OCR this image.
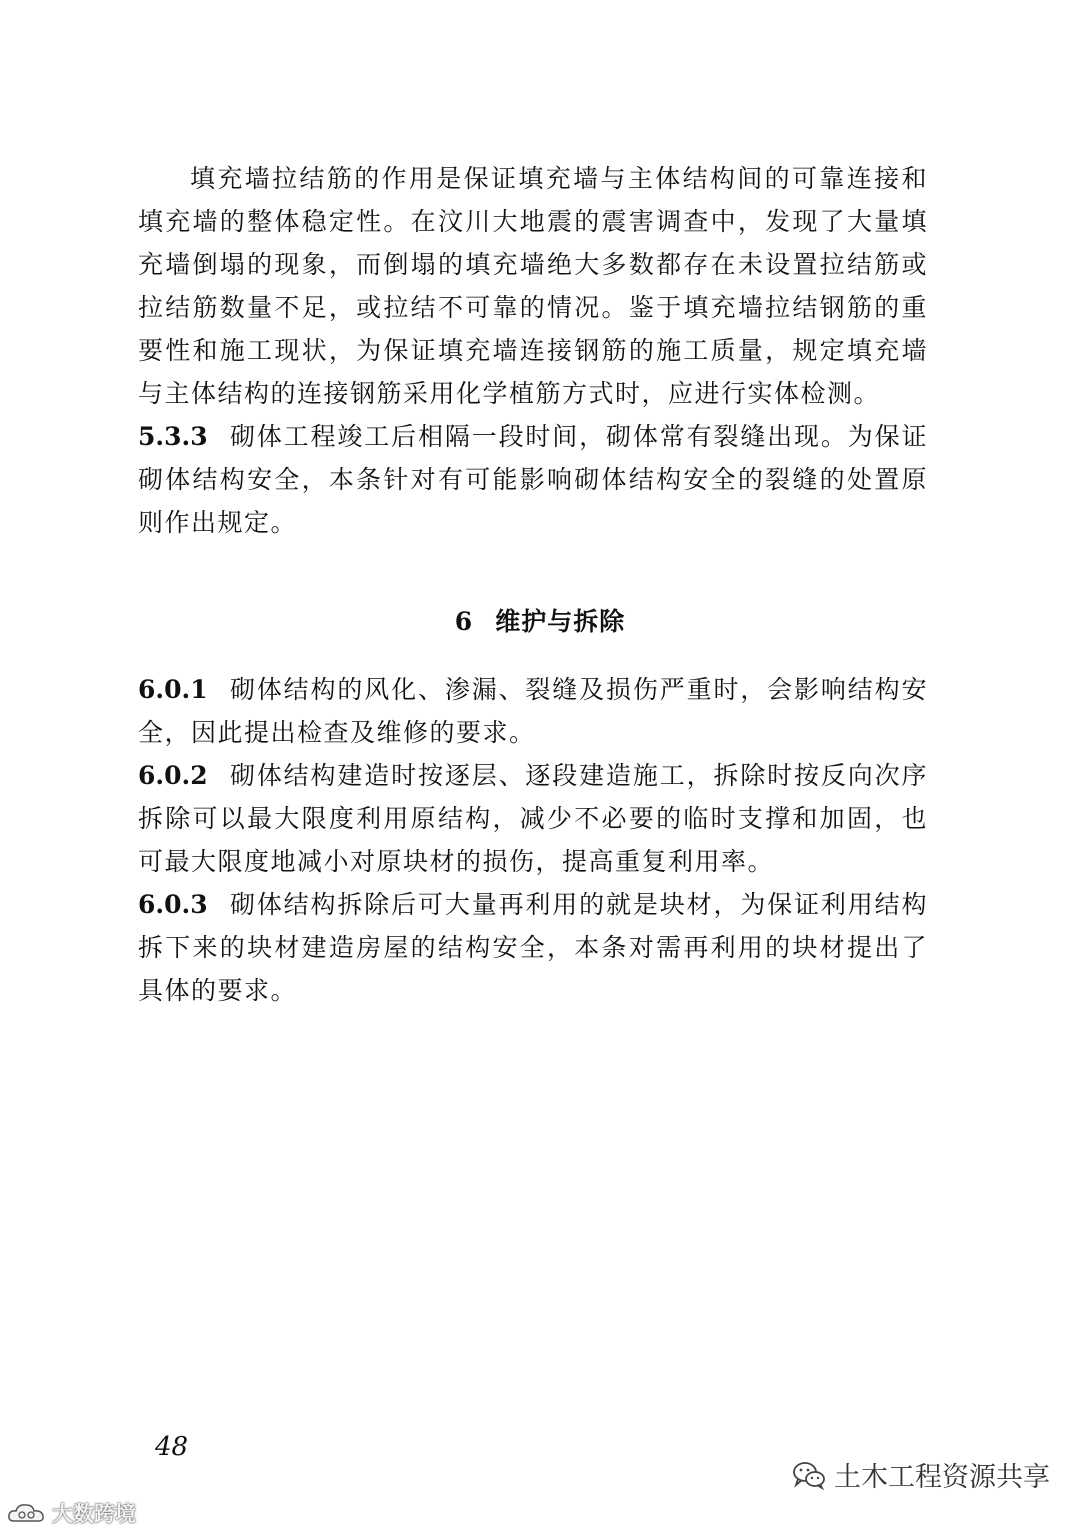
填充墙拉结筋的作用是保证填充墙与主体结构间的可靠连接和填充墙的整体稳定性。在汶川大地震的震害调查中，发现了大量填充墙倒塌的现象，而倒塌的填充墙绝大多数都存在未设置拉结筋或拉结筋数量不足，或拉结不可靠的情况。鉴于填充墙拉结钢筋的重要性和施工现状，为保证填充墙连接钢筋的施工质量，规定填充墙与主体结构的连接钢筋采用化学植筋方式时，应进行实体检测。

5.3.3 砌体工程竣工后相隔一段时间，砌体常有裂缝出现。为保证砌体结构安全，本条针对有可能影响砌体结构安全的裂缝的处置原则作出规定。

6 维护与拆除

6.0.1 砌体结构的风化、渗漏、裂缝及损伤严重时，会影响结构安全，因此提出检查及维修的要求。

6.0.2 砌体结构建造时按逐层、逐段建造施工，拆除时按反向次序拆除可以最大限度利用原结构，减少不必要的临时支撑和加固，也可最大限度地减小对原块材的损伤，提高重复利用率。

6.0.3 砌体结构拆除后可大量再利用的就是块材，为保证利用结构拆下来的块材建造房屋的结构安全，本条对需再利用的块材提出了具体的要求。

48
土木工程资源共享
大数跨境
